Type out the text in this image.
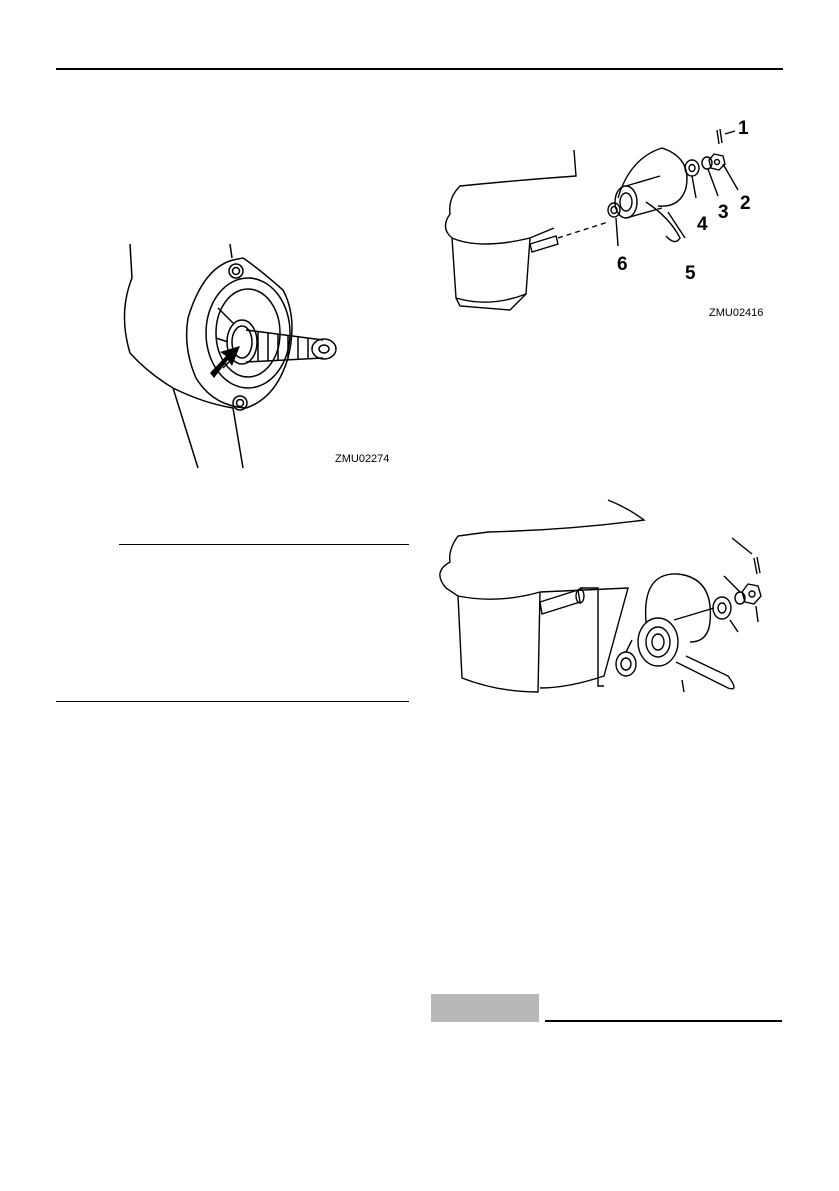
ZMU02274
1
2
3
4
5
6
ZMU02416
